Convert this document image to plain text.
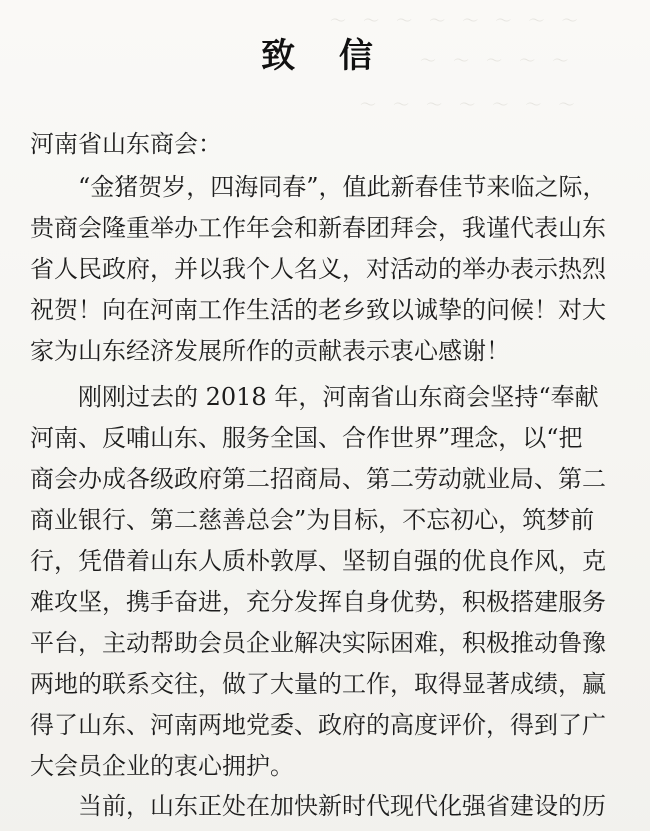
～ ～ ～ ～ ～ ～ ～ ～
～ ～ ～ ～ ～
～ ～ ～ ～ ～ ～ ～
致 信

河南省山东商会：

“金猪贺岁，四海同春”，值此新春佳节来临之际，
贵商会隆重举办工作年会和新春团拜会，我谨代表山东
省人民政府，并以我个人名义，对活动的举办表示热烈
祝贺！向在河南工作生活的老乡致以诚挚的问候！对大
家为山东经济发展所作的贡献表示衷心感谢！
刚刚过去的 2018 年，河南省山东商会坚持“奉献
河南、反哺山东、服务全国、合作世界”理念，以“把
商会办成各级政府第二招商局、第二劳动就业局、第二
商业银行、第二慈善总会”为目标，不忘初心，筑梦前
行，凭借着山东人质朴敦厚、坚韧自强的优良作风，克
难攻坚，携手奋进，充分发挥自身优势，积极搭建服务
平台，主动帮助会员企业解决实际困难，积极推动鲁豫
两地的联系交往，做了大量的工作，取得显著成绩，赢
得了山东、河南两地党委、政府的高度评价，得到了广
大会员企业的衷心拥护。
当前，山东正处在加快新时代现代化强省建设的历
